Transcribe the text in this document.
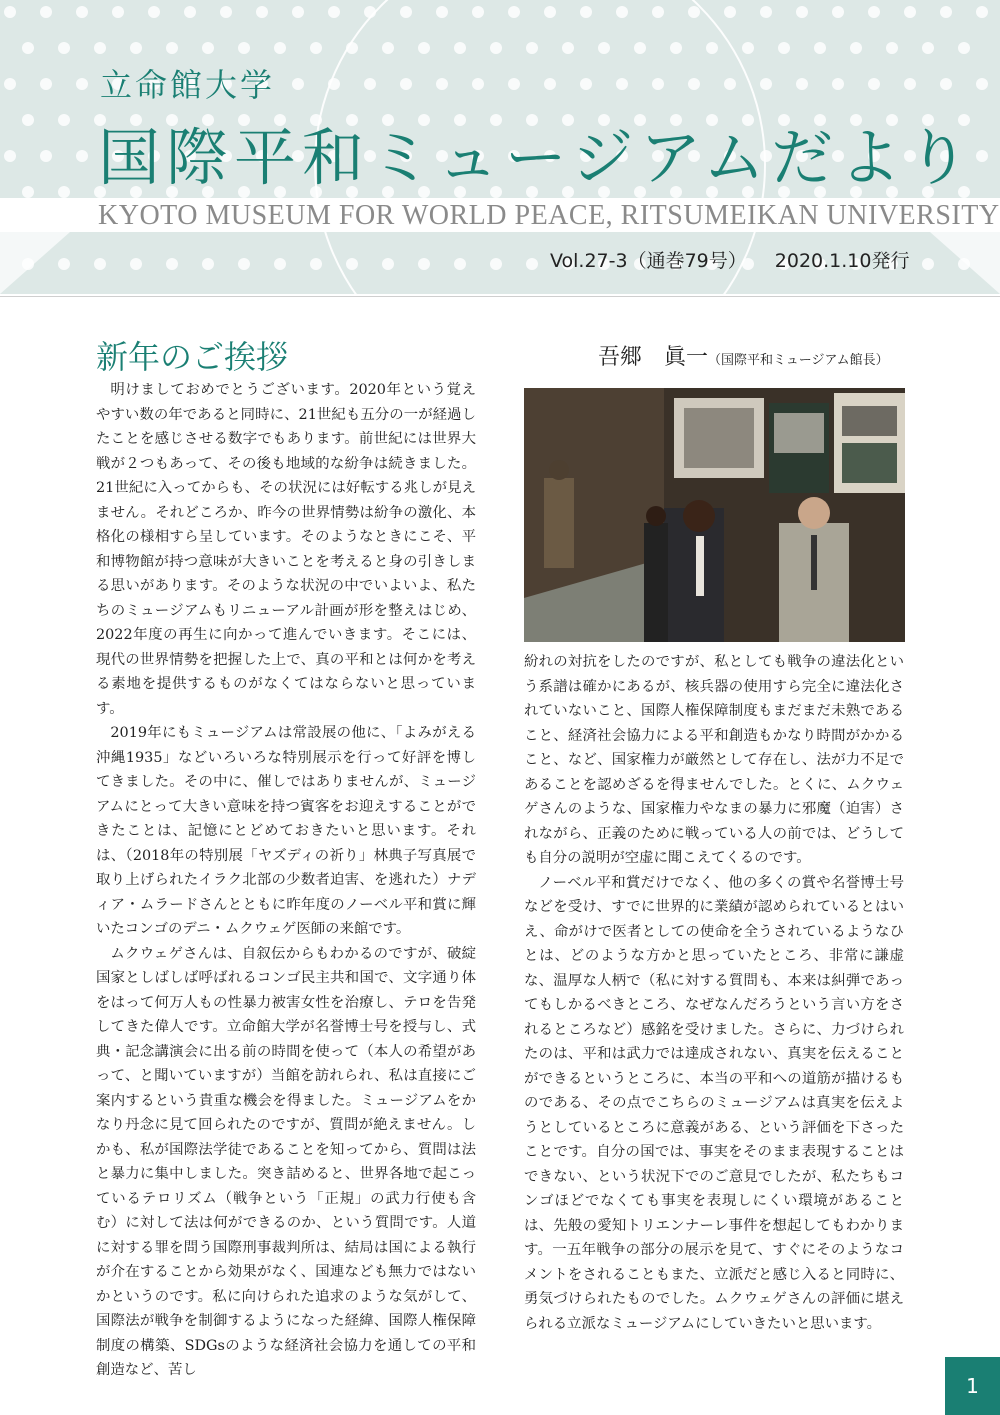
立命館大学
国際平和ミュージアムだより
KYOTO MUSEUM FOR WORLD PEACE, RITSUMEIKAN UNIVERSITY
Vol.27-3（通巻79号） 2020.1.10発行
新年のご挨拶	吾郷　眞一（国際平和ミュージアム館長）

明けましておめでとうございます。2020年という覚えやすい数の年であると同時に、21世紀も五分の一が経過したことを感じさせる数字でもあります。前世紀には世界大戦が２つもあって、その後も地域的な紛争は続きました。21世紀に入ってからも、その状況には好転する兆しが見えません。それどころか、昨今の世界情勢は紛争の激化、本格化の様相すら呈しています。そのようなときにこそ、平和博物館が持つ意味が大きいことを考えると身の引きしまる思いがあります。そのような状況の中でいよいよ、私たちのミュージアムもリニューアル計画が形を整えはじめ、2022年度の再生に向かって進んでいきます。そこには、現代の世界情勢を把握した上で、真の平和とは何かを考える素地を提供するものがなくてはならないと思っています。

2019年にもミュージアムは常設展の他に、「よみがえる沖縄1935」などいろいろな特別展示を行って好評を博してきました。その中に、催しではありませんが、ミュージアムにとって大きい意味を持つ賓客をお迎えすることができたことは、記憶にとどめておきたいと思います。それは、（2018年の特別展「ヤズディの祈り」林典子写真展で取り上げられたイラク北部の少数者迫害、を逃れた）ナディア・ムラードさんとともに昨年度のノーベル平和賞に輝いたコンゴのデニ・ムクウェゲ医師の来館です。

ムクウェゲさんは、自叙伝からもわかるのですが、破綻国家としばしば呼ばれるコンゴ民主共和国で、文字通り体をはって何万人もの性暴力被害女性を治療し、テロを告発してきた偉人です。立命館大学が名誉博士号を授与し、式典・記念講演会に出る前の時間を使って（本人の希望があって、と聞いていますが）当館を訪れられ、私は直接にご案内するという貴重な機会を得ました。ミュージアムをかなり丹念に見て回られたのですが、質問が絶えません。しかも、私が国際法学徒であることを知ってから、質問は法と暴力に集中しました。突き詰めると、世界各地で起こっているテロリズム（戦争という「正規」の武力行使も含む）に対して法は何ができるのか、という質問です。人道に対する罪を問う国際刑事裁判所は、結局は国による執行が介在することから効果がなく、国連なども無力ではないかというのです。私に向けられた追求のような気がして、国際法が戦争を制御するようになった経緯、国際人権保障制度の構築、SDGsのような経済社会協力を通しての平和創造など、苦し

紛れの対抗をしたのですが、私としても戦争の違法化という系譜は確かにあるが、核兵器の使用すら完全に違法化されていないこと、国際人権保障制度もまだまだ未熟であること、経済社会協力による平和創造もかなり時間がかかること、など、国家権力が厳然として存在し、法が力不足であることを認めざるを得ませんでした。とくに、ムクウェゲさんのような、国家権力やなまの暴力に邪魔（迫害）されながら、正義のために戦っている人の前では、どうしても自分の説明が空虚に聞こえてくるのです。

ノーベル平和賞だけでなく、他の多くの賞や名誉博士号などを受け、すでに世界的に業績が認められているとはいえ、命がけで医者としての使命を全うされているようなひとは、どのような方かと思っていたところ、非常に謙虚な、温厚な人柄で（私に対する質問も、本来は糾弾であってもしかるべきところ、なぜなんだろうという言い方をされるところなど）感銘を受けました。さらに、力づけられたのは、平和は武力では達成されない、真実を伝えることができるというところに、本当の平和への道筋が描けるものである、その点でこちらのミュージアムは真実を伝えようとしているところに意義がある、という評価を下さったことです。自分の国では、事実をそのまま表現することはできない、という状況下でのご意見でしたが、私たちもコンゴほどでなくても事実を表現しにくい環境があることは、先般の愛知トリエンナーレ事件を想起してもわかります。一五年戦争の部分の展示を見て、すぐにそのようなコメントをされることもまた、立派だと感じ入ると同時に、勇気づけられたものでした。ムクウェゲさんの評価に堪えられる立派なミュージアムにしていきたいと思います。

1
